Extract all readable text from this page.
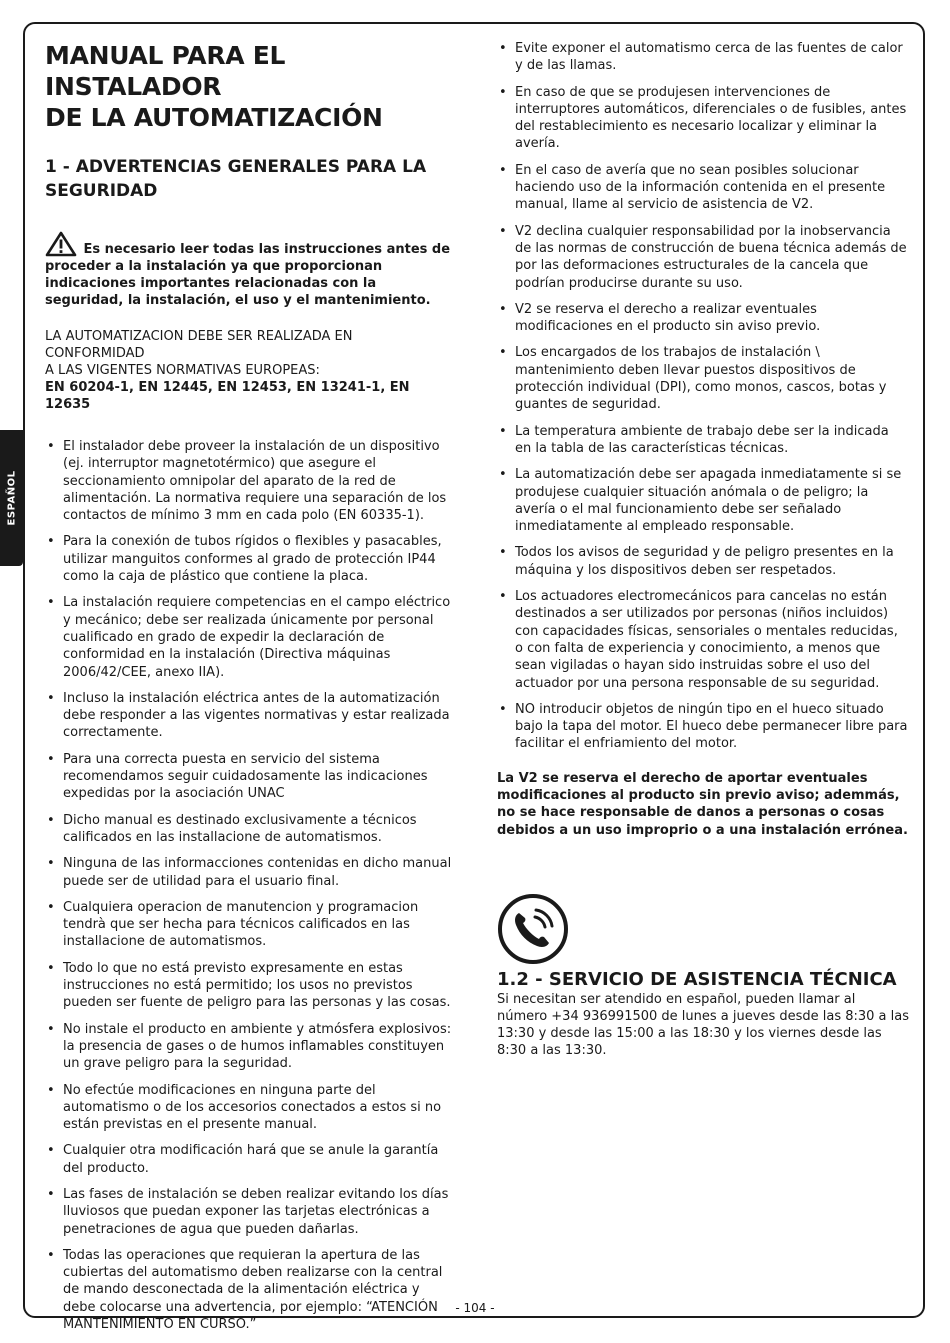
ESPAÑOL
MANUAL PARA EL INSTALADOR
DE LA AUTOMATIZACIÓN
1 - ADVERTENCIAS GENERALES PARA LA
SEGURIDAD

Es necesario leer todas las instrucciones antes de proceder a la instalación ya que proporcionan indicaciones importantes relacionadas con la seguridad, la instalación, el uso y el mantenimiento.

LA AUTOMATIZACION DEBE SER REALIZADA EN CONFORMIDAD
A LAS VIGENTES NORMATIVAS EUROPEAS:
EN 60204-1, EN 12445, EN 12453, EN 13241-1, EN 12635

• El instalador debe proveer la instalación de un dispositivo (ej. interruptor magnetotérmico) que asegure el seccionamiento omnipolar del aparato de la red de alimentación. La normativa requiere una separación de los contactos de mínimo 3 mm en cada polo (EN 60335-1).
• Para la conexión de tubos rígidos o flexibles y pasacables, utilizar manguitos conformes al grado de protección IP44 como la caja de plástico que contiene la placa.
• La instalación requiere competencias en el campo eléctrico y mecánico; debe ser realizada únicamente por personal cualificado en grado de expedir la declaración de conformidad en la instalación (Directiva máquinas 2006/42/CEE, anexo IIA).
• Incluso la instalación eléctrica antes de la automatización debe responder a las vigentes normativas y estar realizada correctamente.
• Para una correcta puesta en servicio del sistema recomendamos seguir cuidadosamente las indicaciones expedidas por la asociación UNAC
• Dicho manual es destinado exclusivamente a técnicos calificados en las installacione de automatismos.
• Ninguna de las informacciones contenidas en dicho manual puede ser de utilidad para el usuario final.
• Cualquiera operacion de manutencion y programacion tendrà que ser hecha para técnicos calificados en las installacione de automatismos.
• Todo lo que no está previsto expresamente en estas instrucciones no está permitido; los usos no previstos pueden ser fuente de peligro para las personas y las cosas.
• No instale el producto en ambiente y atmósfera explosivos: la presencia de gases o de humos inflamables constituyen un grave peligro para la seguridad.
• No efectúe modificaciones en ninguna parte del automatismo o de los accesorios conectados a estos si no están previstas en el presente manual.
• Cualquier otra modificación hará que se anule la garantía del producto.
• Las fases de instalación se deben realizar evitando los días lluviosos que puedan exponer las tarjetas electrónicas a penetraciones de agua que pueden dañarlas.
• Todas las operaciones que requieran la apertura de las cubiertas del automatismo deben realizarse con la central de mando desconectada de la alimentación eléctrica y debe colocarse una advertencia, por ejemplo: “ATENCIÓN MANTENIMIENTO EN CURSO.”
• Evite exponer el automatismo cerca de las fuentes de calor y de las llamas.
• En caso de que se produjesen intervenciones de interruptores automáticos, diferenciales o de fusibles, antes del restablecimiento es necesario localizar y eliminar la avería.
• En el caso de avería que no sean posibles solucionar haciendo uso de la información contenida en el presente manual, llame al servicio de asistencia de V2.
• V2 declina cualquier responsabilidad por la inobservancia de las normas de construcción de buena técnica además de por las deformaciones estructurales de la cancela que podrían producirse durante su uso.
• V2 se reserva el derecho a realizar eventuales modificaciones en el producto sin aviso previo.
• Los encargados de los trabajos de instalación \ mantenimiento deben llevar puestos dispositivos de protección individual (DPI), como monos, cascos, botas y guantes de seguridad.
• La temperatura ambiente de trabajo debe ser la indicada en la tabla de las características técnicas.
• La automatización debe ser apagada inmediatamente si se produjese cualquier situación anómala o de peligro; la avería o el mal funcionamiento debe ser señalado inmediatamente al empleado responsable.
• Todos los avisos de seguridad y de peligro presentes en la máquina y los dispositivos deben ser respetados.
• Los actuadores electromecánicos para cancelas no están destinados a ser utilizados por personas (niños incluidos) con capacidades físicas, sensoriales o mentales reducidas, o con falta de experiencia y conocimiento, a menos que sean vigiladas o hayan sido instruidas sobre el uso del actuador por una persona responsable de su seguridad.
• NO introducir objetos de ningún tipo en el hueco situado bajo la tapa del motor. El hueco debe permanecer libre para facilitar el enfriamiento del motor.

La V2 se reserva el derecho de aportar eventuales modificaciones al producto sin previo aviso; ademmás, no se hace responsable de danos a personas o cosas debidos a un uso improprio o a una instalación errónea.

1.2 - SERVICIO DE ASISTENCIA TÉCNICA

Si necesitan ser atendido en español, pueden llamar al número +34 936991500 de lunes a jueves desde las 8:30 a las 13:30 y desde las 15:00 a las 18:30 y los viernes desde las 8:30 a las 13:30.

- 104 -
